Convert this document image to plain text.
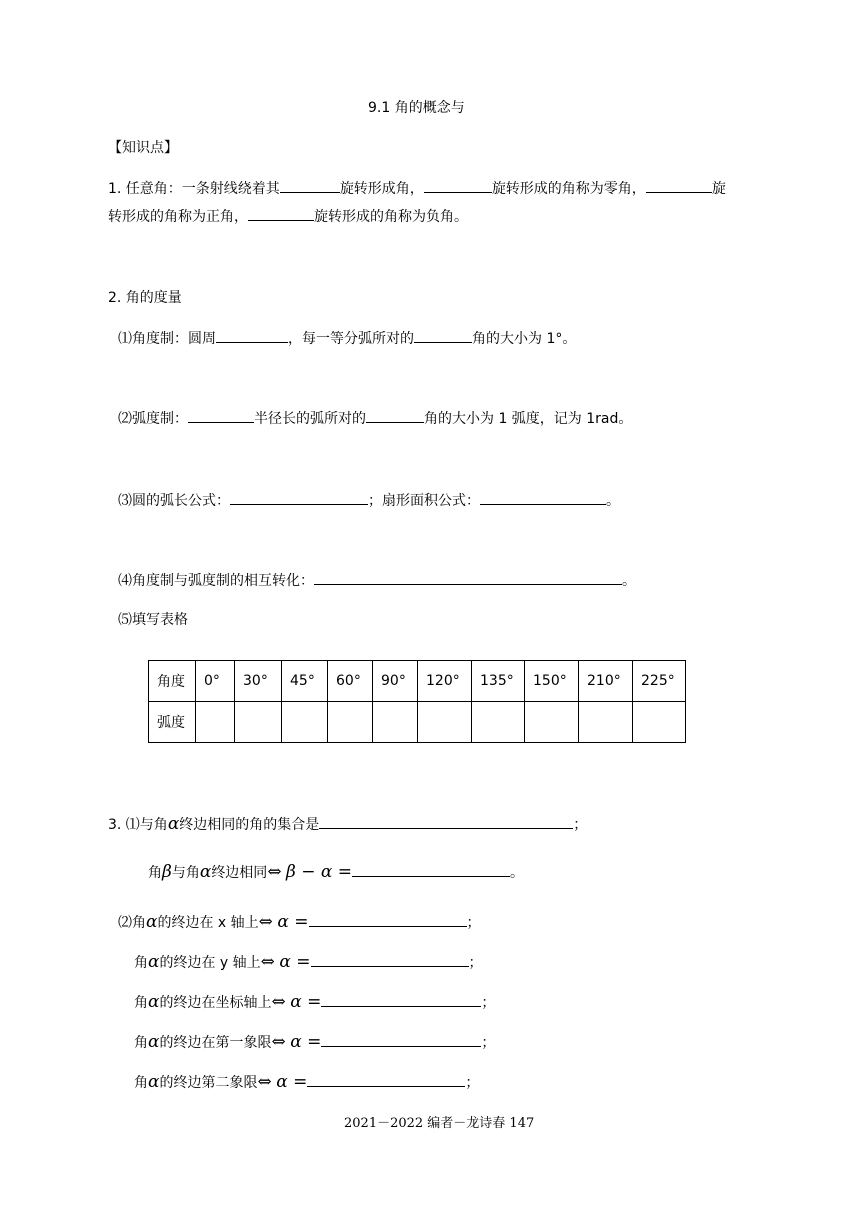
9.1 角的概念与
【知识点】
1. 任意角：一条射线绕着其	旋转形成角，	旋转形成的角称为零角，	旋
转形成的角称为正角，	旋转形成的角称为负角。
2. 角的度量
⑴角度制：圆周	，每一等分弧所对的	角的大小为 1°。
⑵弧度制：	半径长的弧所对的	角的大小为 1 弧度，记为 1rad。
⑶圆的弧长公式：	；扇形面积公式：	。
⑷角度制与弧度制的相互转化：	。
⑸填写表格
角度	0°	30°	45°	60°	90°	120°	135°	150°	210°	225°
弧度										
3. ⑴与角α终边相同的角的集合是	；
角β与角α终边相同⇔ β − α =	。
⑵角α的终边在 x 轴上⇔ α =	；
角α的终边在 y 轴上⇔ α =	；
角α的终边在坐标轴上⇔ α =	；
角α的终边在第一象限⇔ α =	；
角α的终边第二象限⇔ α =	；
2021－2022 编者－龙诗春 147
